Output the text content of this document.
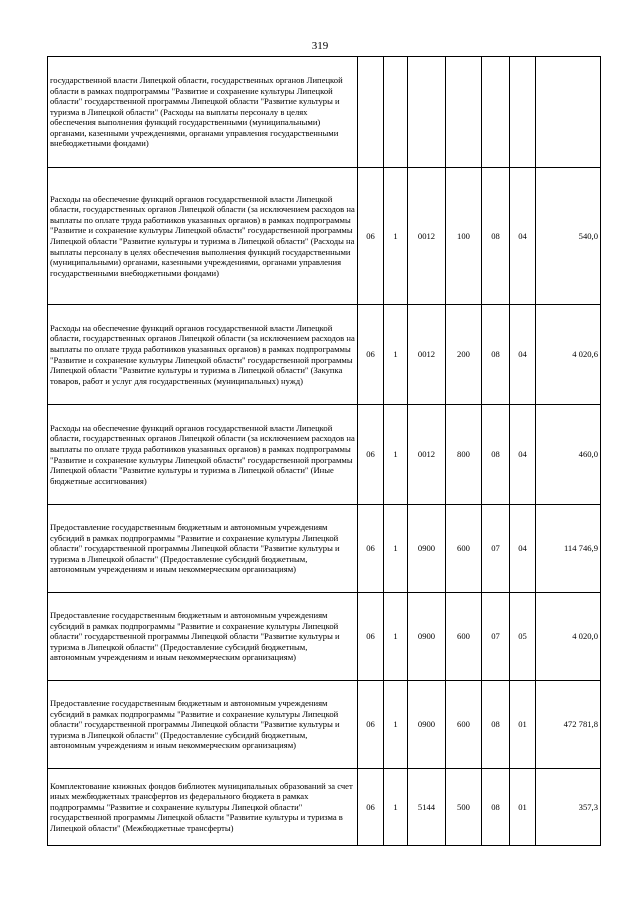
319
государственной власти Липецкой области, государственных органов Липецкой области в рамках подпрограммы "Развитие и сохранение культуры Липецкой области" государственной программы Липецкой области "Развитие культуры и туризма в Липецкой области" (Расходы на выплаты персоналу в целях обеспечения выполнения функций государственными (муниципальными) органами, казенными учреждениями, органами управления государственными внебюджетными фондами)							
Расходы на обеспечение функций органов государственной власти Липецкой области, государственных органов Липецкой области (за исключением расходов на выплаты по оплате труда работников указанных органов) в рамках подпрограммы "Развитие и сохранение культуры Липецкой области" государственной программы Липецкой области "Развитие культуры и туризма в Липецкой области" (Расходы на выплаты персоналу в целях обеспечения выполнения функций государственными (муниципальными) органами, казенными учреждениями, органами управления государственными внебюджетными фондами)	06	1	0012	100	08	04	540,0
Расходы на обеспечение функций органов государственной власти Липецкой области, государственных органов Липецкой области (за исключением расходов на выплаты по оплате труда работников указанных органов) в рамках подпрограммы "Развитие и сохранение культуры Липецкой области" государственной программы Липецкой области "Развитие культуры и туризма в Липецкой области" (Закупка товаров, работ и услуг для государственных (муниципальных) нужд)	06	1	0012	200	08	04	4 020,6
Расходы на обеспечение функций органов государственной власти Липецкой области, государственных органов Липецкой области (за исключением расходов на выплаты по оплате труда работников указанных органов) в рамках подпрограммы "Развитие и сохранение культуры Липецкой области" государственной программы Липецкой области "Развитие культуры и туризма в Липецкой области" (Иные бюджетные ассигнования)	06	1	0012	800	08	04	460,0
Предоставление государственным бюджетным и автономным учреждениям субсидий в рамках подпрограммы "Развитие и сохранение культуры Липецкой области" государственной программы Липецкой области "Развитие культуры и туризма в Липецкой области" (Предоставление субсидий бюджетным, автономным учреждениям и иным некоммерческим организациям)	06	1	0900	600	07	04	114 746,9
Предоставление государственным бюджетным и автономным учреждениям субсидий в рамках подпрограммы "Развитие и сохранение культуры Липецкой области" государственной программы Липецкой области "Развитие культуры и туризма в Липецкой области" (Предоставление субсидий бюджетным, автономным учреждениям и иным некоммерческим организациям)	06	1	0900	600	07	05	4 020,0
Предоставление государственным бюджетным и автономным учреждениям субсидий в рамках подпрограммы "Развитие и сохранение культуры Липецкой области" государственной программы Липецкой области "Развитие культуры и туризма в Липецкой области" (Предоставление субсидий бюджетным, автономным учреждениям и иным некоммерческим организациям)	06	1	0900	600	08	01	472 781,8
Комплектование книжных фондов библиотек муниципальных образований за счет иных межбюджетных трансфертов из федерального бюджета в рамках подпрограммы "Развитие и сохранение культуры Липецкой области" государственной программы Липецкой области "Развитие культуры и туризма в Липецкой области" (Межбюджетные трансферты)	06	1	5144	500	08	01	357,3
